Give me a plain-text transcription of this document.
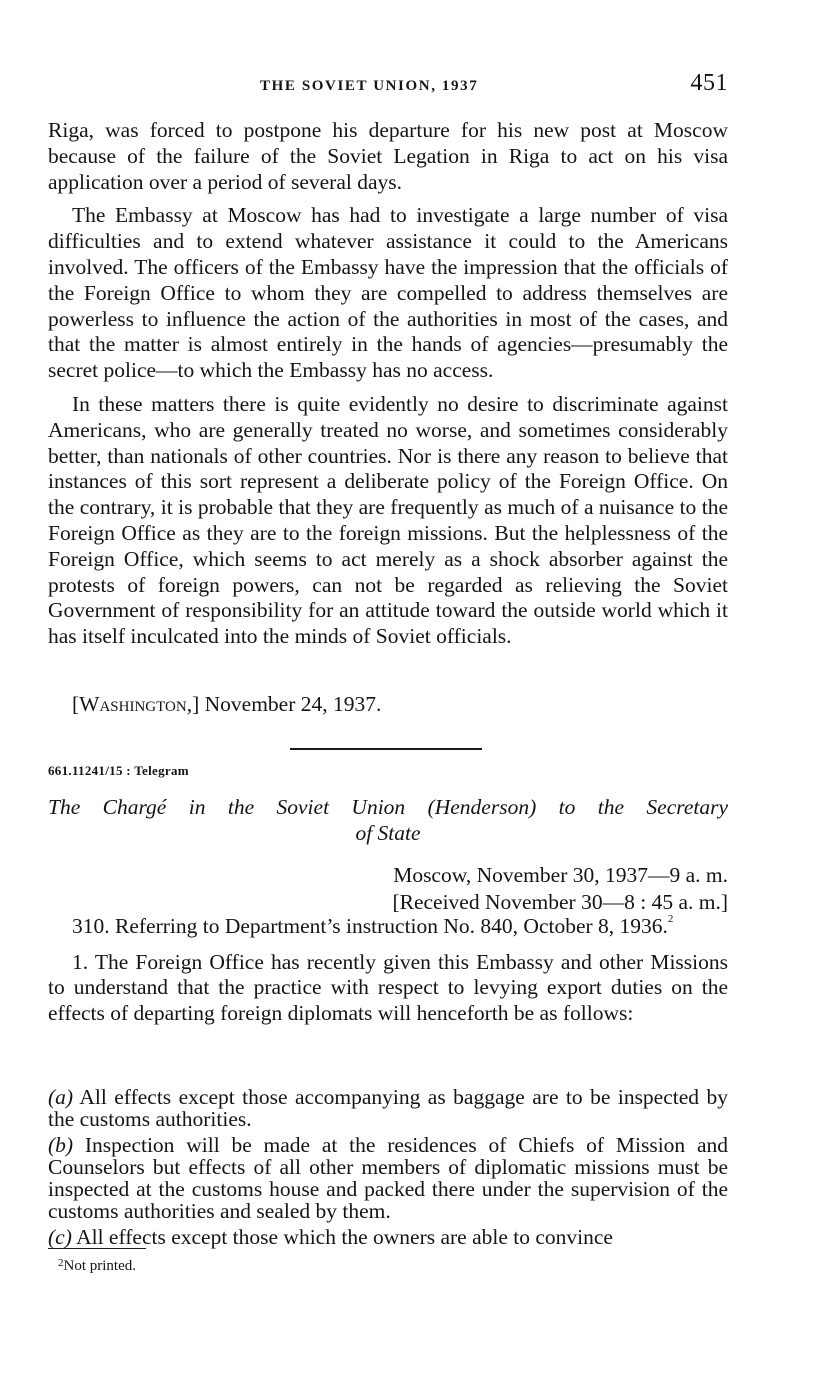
THE SOVIET UNION, 1937	451

Riga, was forced to postpone his departure for his new post at Moscow because of the failure of the Soviet Legation in Riga to act on his visa application over a period of several days.

The Embassy at Moscow has had to investigate a large number of visa difficulties and to extend whatever assistance it could to the Americans involved. The officers of the Embassy have the impression that the officials of the Foreign Office to whom they are compelled to address themselves are powerless to influence the action of the authorities in most of the cases, and that the matter is almost entirely in the hands of agencies—presumably the secret police—to which the Embassy has no access.

In these matters there is quite evidently no desire to discriminate against Americans, who are generally treated no worse, and sometimes considerably better, than nationals of other countries. Nor is there any reason to believe that instances of this sort represent a deliberate policy of the Foreign Office. On the contrary, it is probable that they are frequently as much of a nuisance to the Foreign Office as they are to the foreign missions. But the helplessness of the Foreign Office, which seems to act merely as a shock absorber against the protests of foreign powers, can not be regarded as relieving the Soviet Government of responsibility for an attitude toward the outside world which it has itself inculcated into the minds of Soviet officials.

[Washington,] November 24, 1937.
661.11241/15 : Telegram
The Chargé in the Soviet Union (Henderson) to the Secretary
of State
Moscow, November 30, 1937—9 a. m.
[Received November 30—8 : 45 a. m.]

310. Referring to Department’s instruction No. 840, October 8, 1936.$^2$

1. The Foreign Office has recently given this Embassy and other Missions to understand that the practice with respect to levying export duties on the effects of departing foreign diplomats will henceforth be as follows:

(a) All effects except those accompanying as baggage are to be inspected by the customs authorities.

(b) Inspection will be made at the residences of Chiefs of Mission and Counselors but effects of all other members of diplomatic missions must be inspected at the customs house and packed there under the supervision of the customs authorities and sealed by them.

(c) All effects except those which the owners are able to convince

$^2$Not printed.
